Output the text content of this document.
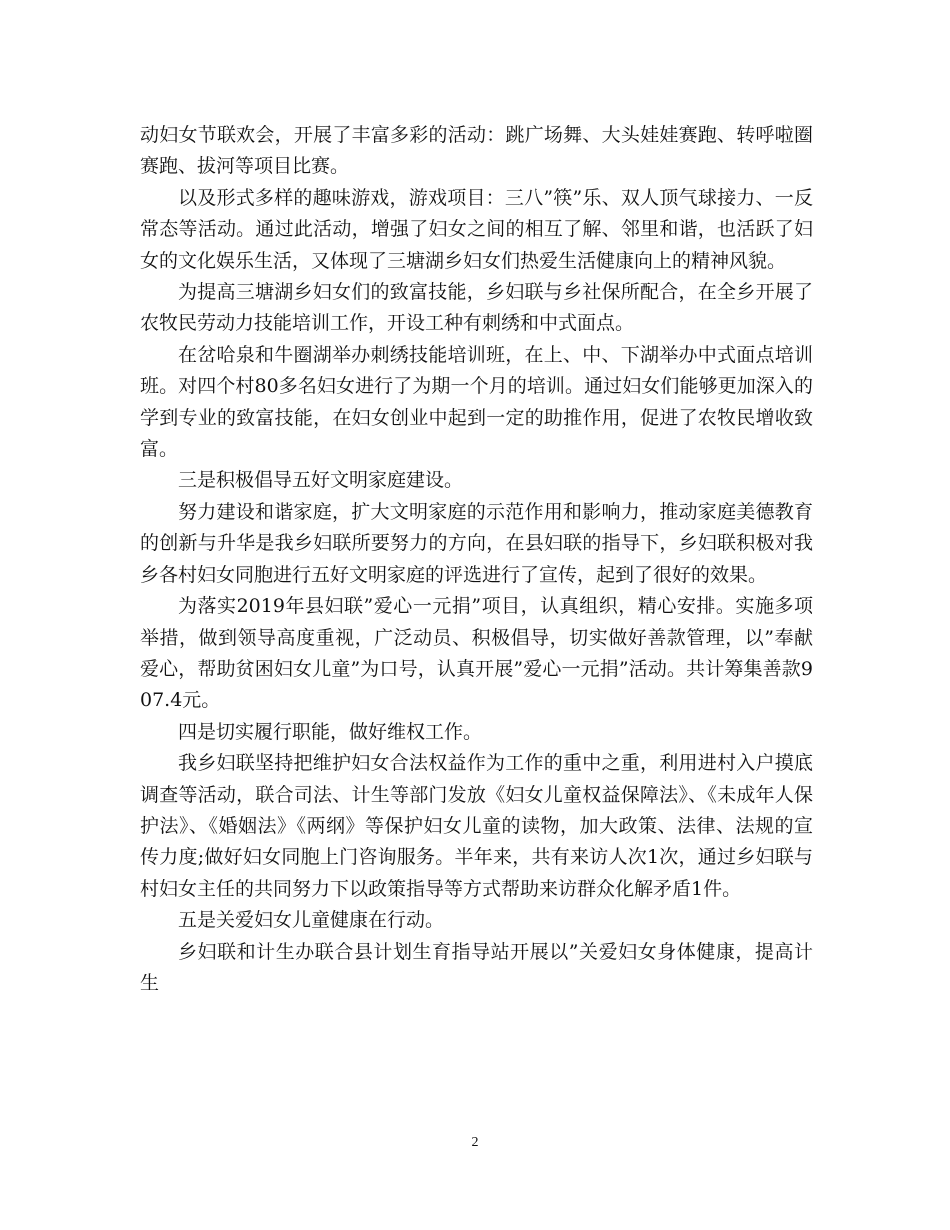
动妇女节联欢会，开展了丰富多彩的活动：跳广场舞、大头娃娃赛跑、转呼啦圈赛跑、拔河等项目比赛。

以及形式多样的趣味游戏，游戏项目：三八”筷”乐、双人顶气球接力、一反常态等活动。通过此活动，增强了妇女之间的相互了解、邻里和谐，也活跃了妇女的文化娱乐生活，又体现了三塘湖乡妇女们热爱生活健康向上的精神风貌。

为提高三塘湖乡妇女们的致富技能，乡妇联与乡社保所配合，在全乡开展了农牧民劳动力技能培训工作，开设工种有刺绣和中式面点。

在岔哈泉和牛圈湖举办刺绣技能培训班，在上、中、下湖举办中式面点培训班。对四个村80多名妇女进行了为期一个月的培训。通过妇女们能够更加深入的学到专业的致富技能，在妇女创业中起到一定的助推作用，促进了农牧民增收致富。

三是积极倡导五好文明家庭建设。

努力建设和谐家庭，扩大文明家庭的示范作用和影响力，推动家庭美德教育的创新与升华是我乡妇联所要努力的方向，在县妇联的指导下，乡妇联积极对我乡各村妇女同胞进行五好文明家庭的评选进行了宣传，起到了很好的效果。

为落实2019年县妇联”爱心一元捐”项目，认真组织，精心安排。实施多项举措，做到领导高度重视，广泛动员、积极倡导，切实做好善款管理，以”奉献爱心，帮助贫困妇女儿童”为口号，认真开展”爱心一元捐”活动。共计筹集善款907.4元。

四是切实履行职能，做好维权工作。

我乡妇联坚持把维护妇女合法权益作为工作的重中之重，利用进村入户摸底调查等活动，联合司法、计生等部门发放《妇女儿童权益保障法》、《未成年人保护法》、《婚姻法》《两纲》等保护妇女儿童的读物，加大政策、法律、法规的宣传力度;做好妇女同胞上门咨询服务。半年来，共有来访人次1次，通过乡妇联与村妇女主任的共同努力下以政策指导等方式帮助来访群众化解矛盾1件。

五是关爱妇女儿童健康在行动。

乡妇联和计生办联合县计划生育指导站开展以”关爱妇女身体健康，提高计生

2
